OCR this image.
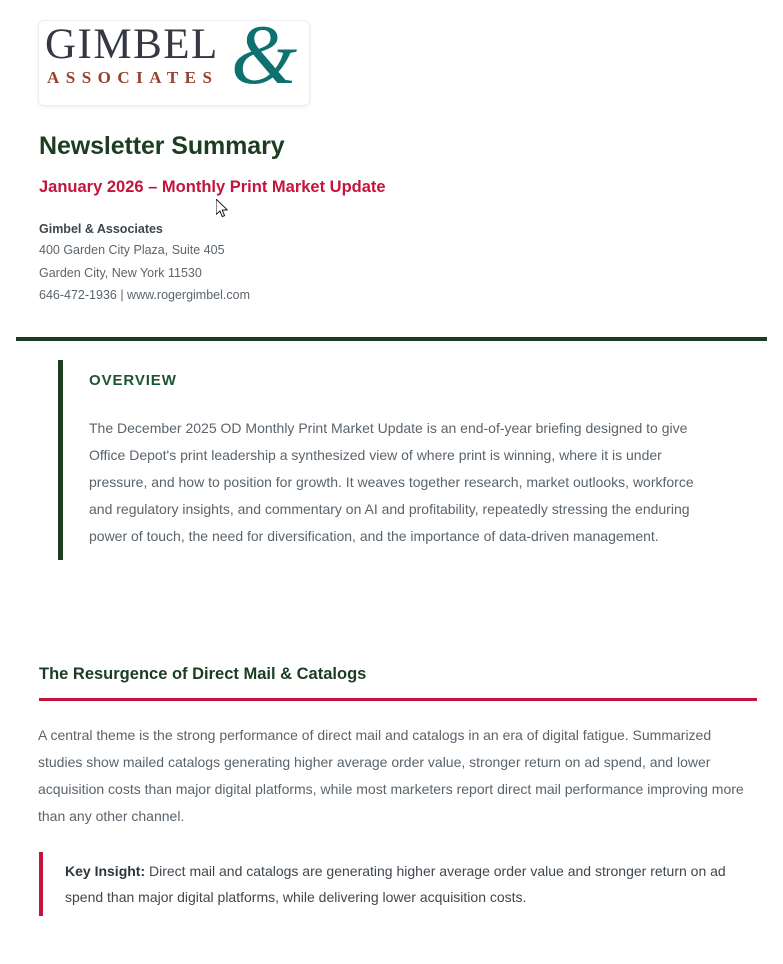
GIMBEL
ASSOCIATES &
Newsletter Summary
January 2026 – Monthly Print Market Update
Gimbel & Associates
400 Garden City Plaza, Suite 405
Garden City, New York 11530
646-472-1936 | www.rogergimbel.com
OVERVIEW

The December 2025 OD Monthly Print Market Update is an end-of-year briefing designed to give Office Depot's print leadership a synthesized view of where print is winning, where it is under pressure, and how to position for growth. It weaves together research, market outlooks, workforce and regulatory insights, and commentary on AI and profitability, repeatedly stressing the enduring power of touch, the need for diversification, and the importance of data-driven management.

The Resurgence of Direct Mail & Catalogs

A central theme is the strong performance of direct mail and catalogs in an era of digital fatigue. Summarized studies show mailed catalogs generating higher average order value, stronger return on ad spend, and lower acquisition costs than major digital platforms, while most marketers report direct mail performance improving more than any other channel.

Key Insight: Direct mail and catalogs are generating higher average order value and stronger return on ad spend than major digital platforms, while delivering lower acquisition costs.
